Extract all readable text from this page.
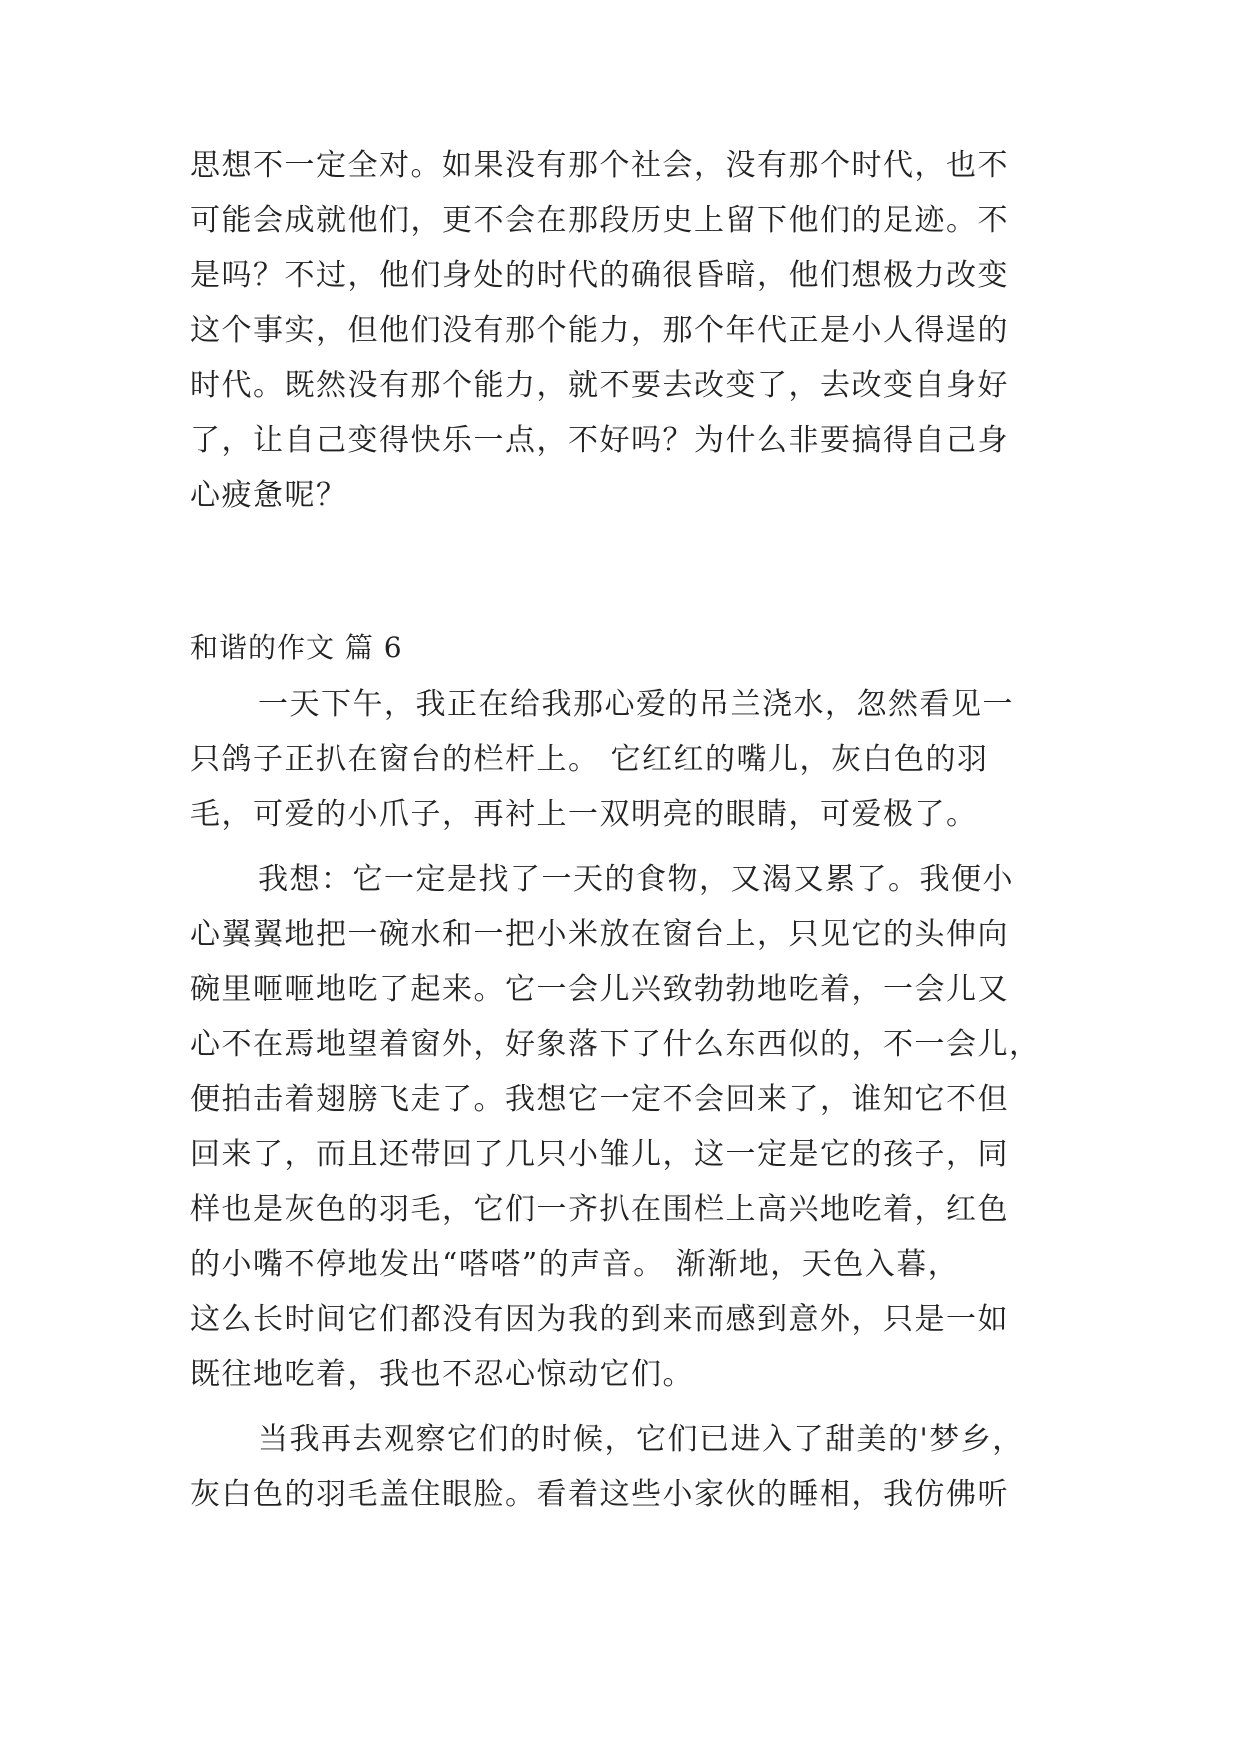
思想不一定全对。如果没有那个社会，没有那个时代，也不
可能会成就他们，更不会在那段历史上留下他们的足迹。不
是吗？不过，他们身处的时代的确很昏暗，他们想极力改变
这个事实，但他们没有那个能力，那个年代正是小人得逞的
时代。既然没有那个能力，就不要去改变了，去改变自身好
了，让自己变得快乐一点，不好吗？为什么非要搞得自己身
心疲惫呢？
和谐的作文 篇 6
一天下午，我正在给我那心爱的吊兰浇水，忽然看见一
只鸽子正扒在窗台的栏杆上。 它红红的嘴儿，灰白色的羽
毛，可爱的小爪子，再衬上一双明亮的眼睛，可爱极了。
我想：它一定是找了一天的食物，又渴又累了。我便小
心翼翼地把一碗水和一把小米放在窗台上，只见它的头伸向
碗里咂咂地吃了起来。它一会儿兴致勃勃地吃着，一会儿又
心不在焉地望着窗外，好象落下了什么东西似的，不一会儿，
便拍击着翅膀飞走了。我想它一定不会回来了，谁知它不但
回来了，而且还带回了几只小雏儿，这一定是它的孩子，同
样也是灰色的羽毛，它们一齐扒在围栏上高兴地吃着，红色
的小嘴不停地发出“嗒嗒”的声音。 渐渐地，天色入暮，
这么长时间它们都没有因为我的到来而感到意外，只是一如
既往地吃着，我也不忍心惊动它们。
当我再去观察它们的时候，它们已进入了甜美的'梦乡，
灰白色的羽毛盖住眼脸。看着这些小家伙的睡相，我仿佛听
